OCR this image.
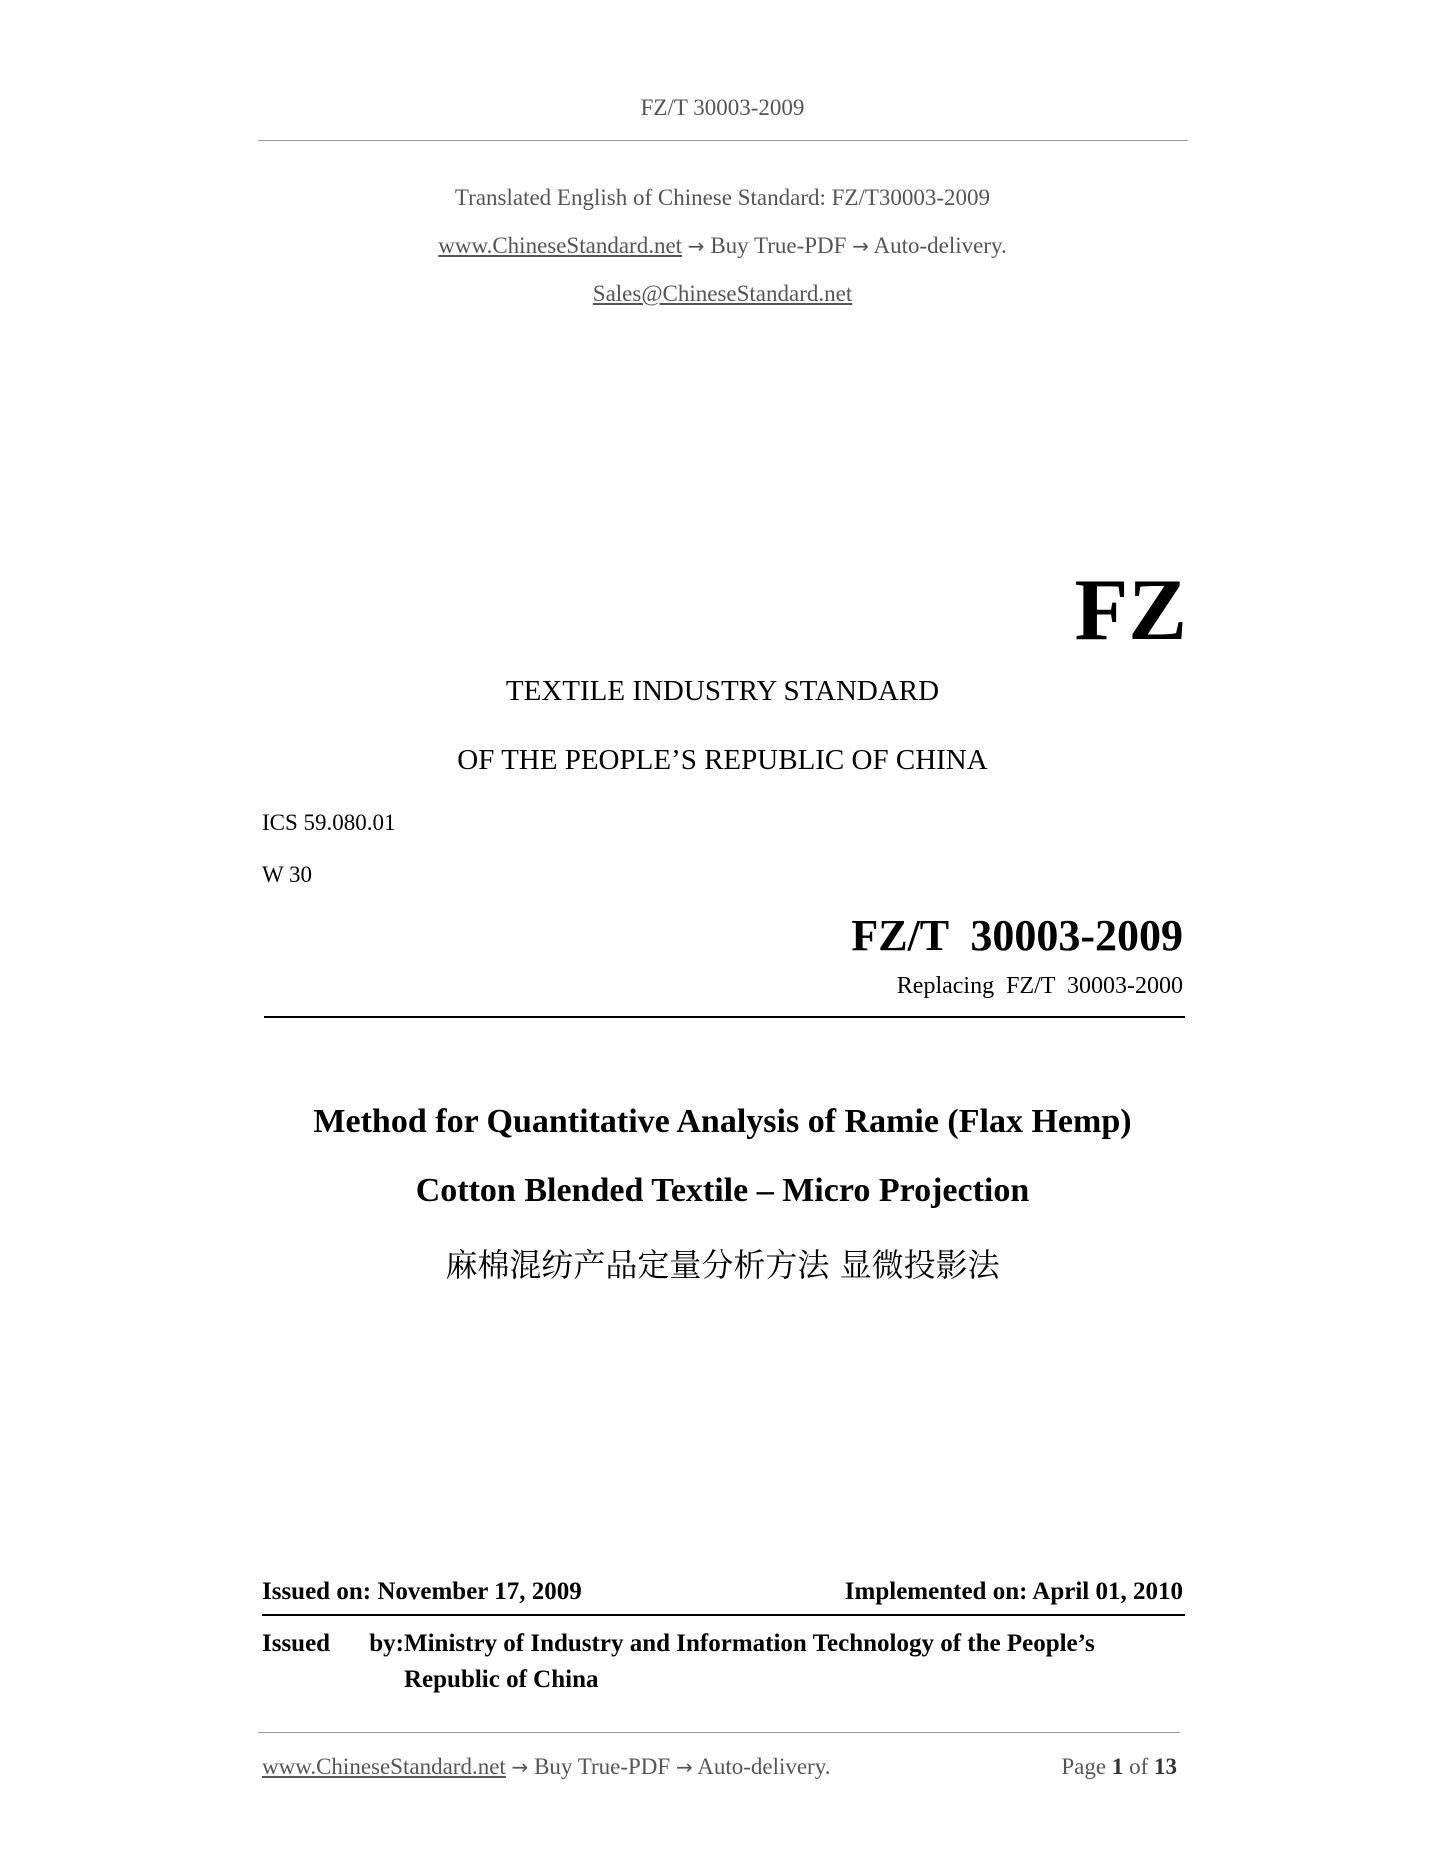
FZ/T 30003-2009
Translated English of Chinese Standard: FZ/T30003-2009
www.ChineseStandard.net → Buy True-PDF → Auto-delivery.
Sales@ChineseStandard.net
FZ
TEXTILE INDUSTRY STANDARD
OF THE PEOPLE’S REPUBLIC OF CHINA
ICS 59.080.01
W 30
FZ/T  30003-2009
Replacing  FZ/T  30003-2000
Method for Quantitative Analysis of Ramie (Flax Hemp)
Cotton Blended Textile – Micro Projection
麻棉混纺产品定量分析方法 显微投影法
Issued on: November 17, 2009	Implemented on: April 01, 2010
Issued by:Ministry of Industry and Information Technology of the People’s
Republic of China
www.ChineseStandard.net → Buy True-PDF → Auto-delivery.	Page 1 of 13
